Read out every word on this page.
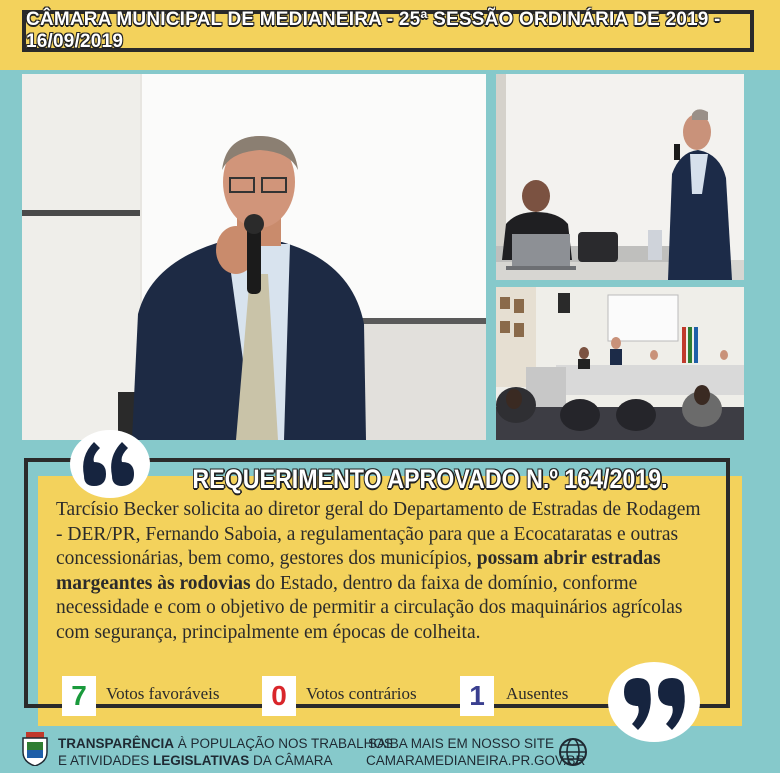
CÂMARA MUNICIPAL DE MEDIANEIRA - 25ª SESSÃO ORDINÁRIA DE 2019 - 16/09/2019
REQUERIMENTO APROVADO N.º 164/2019.
Tarcísio Becker solicita ao diretor geral do Departamento de Estradas de Rodagem - DER/PR, Fernando Saboia, a regulamentação para que a Ecocataratas e outras concessionárias, bem como, gestores dos municípios, possam abrir estradas margeantes às rodovias do Estado, dentro da faixa de domínio, conforme necessidade e com o objetivo de permitir a circulação dos maquinários agrícolas com segurança, principalmente em épocas de colheita.
7	Votos favoráveis	0	Votos contrários	1	Ausentes
TRANSPARÊNCIA À POPULAÇÃO NOS TRABALHOS
E ATIVIDADES LEGISLATIVAS DA CÂMARA
SAIBA MAIS EM NOSSO SITE
CAMARAMEDIANEIRA.PR.GOV.BR
